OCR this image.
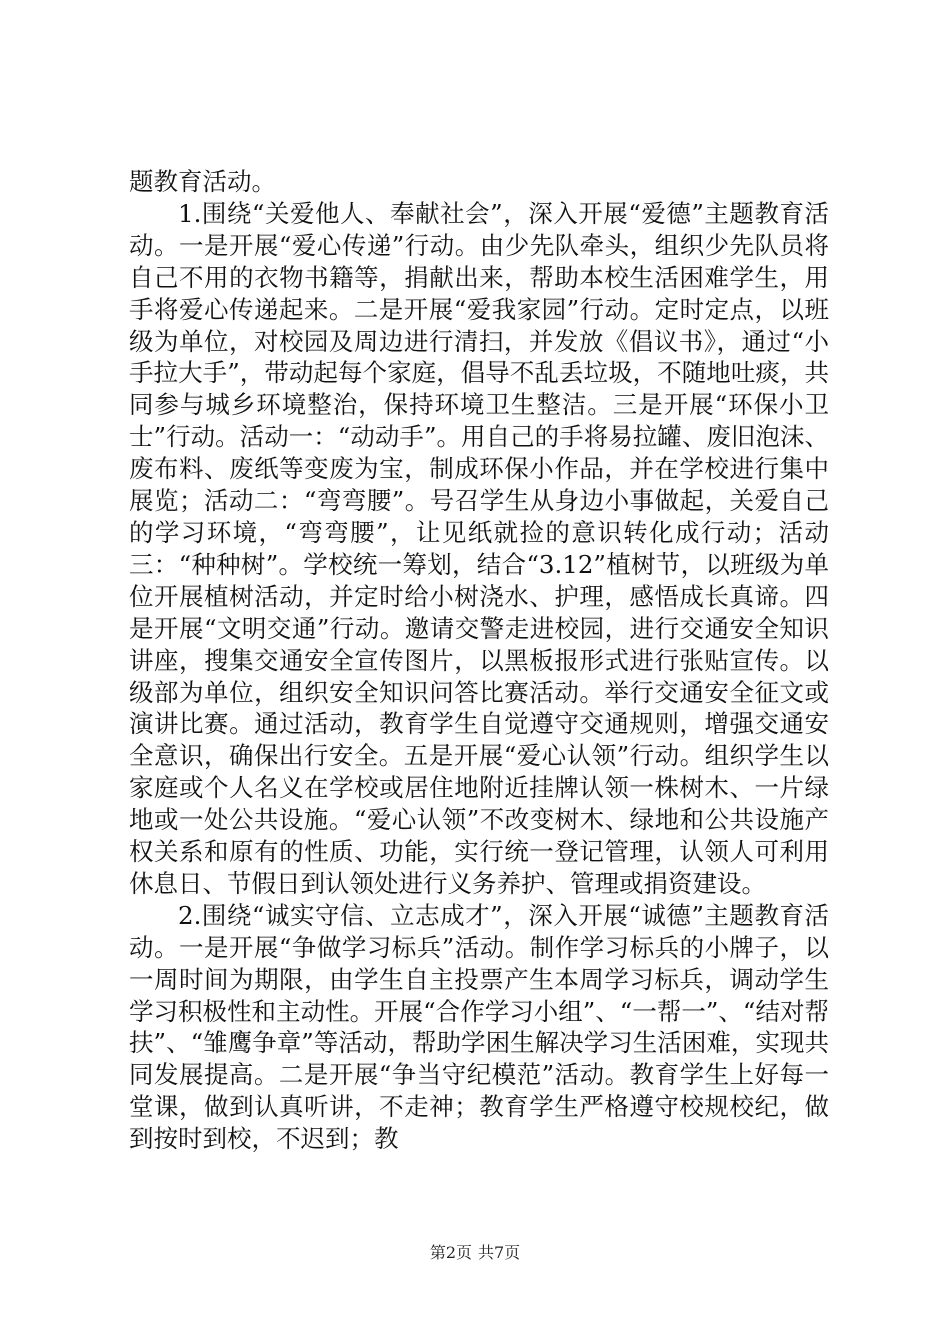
题教育活动。

1.围绕“关爱他人、奉献社会”，深入开展“爱德”主题教育活动。一是开展“爱心传递”行动。由少先队牵头，组织少先队员将自己不用的衣物书籍等，捐献出来，帮助本校生活困难学生，用手将爱心传递起来。二是开展“爱我家园”行动。定时定点，以班级为单位，对校园及周边进行清扫，并发放《倡议书》，通过“小手拉大手”，带动起每个家庭，倡导不乱丢垃圾，不随地吐痰，共同参与城乡环境整治，保持环境卫生整洁。三是开展“环保小卫士”行动。活动一：“动动手”。用自己的手将易拉罐、废旧泡沫、废布料、废纸等变废为宝，制成环保小作品，并在学校进行集中展览；活动二：“弯弯腰”。号召学生从身边小事做起，关爱自己的学习环境，“弯弯腰”，让见纸就捡的意识转化成行动；活动三：“种种树”。学校统一筹划，结合“3.12”植树节，以班级为单位开展植树活动，并定时给小树浇水、护理，感悟成长真谛。四是开展“文明交通”行动。邀请交警走进校园，进行交通安全知识讲座，搜集交通安全宣传图片，以黑板报形式进行张贴宣传。以级部为单位，组织安全知识问答比赛活动。举行交通安全征文或演讲比赛。通过活动，教育学生自觉遵守交通规则，增强交通安全意识，确保出行安全。五是开展“爱心认领”行动。组织学生以家庭或个人名义在学校或居住地附近挂牌认领一株树木、一片绿地或一处公共设施。“爱心认领”不改变树木、绿地和公共设施产权关系和原有的性质、功能，实行统一登记管理，认领人可利用休息日、节假日到认领处进行义务养护、管理或捐资建设。

2.围绕“诚实守信、立志成才”，深入开展“诚德”主题教育活动。一是开展“争做学习标兵”活动。制作学习标兵的小牌子，以一周时间为期限，由学生自主投票产生本周学习标兵，调动学生学习积极性和主动性。开展“合作学习小组”、“一帮一”、“结对帮扶”、“雏鹰争章”等活动，帮助学困生解决学习生活困难，实现共同发展提高。二是开展“争当守纪模范”活动。教育学生上好每一堂课，做到认真听讲，不走神；教育学生严格遵守校规校纪，做到按时到校，不迟到；教

第2页 共7页
